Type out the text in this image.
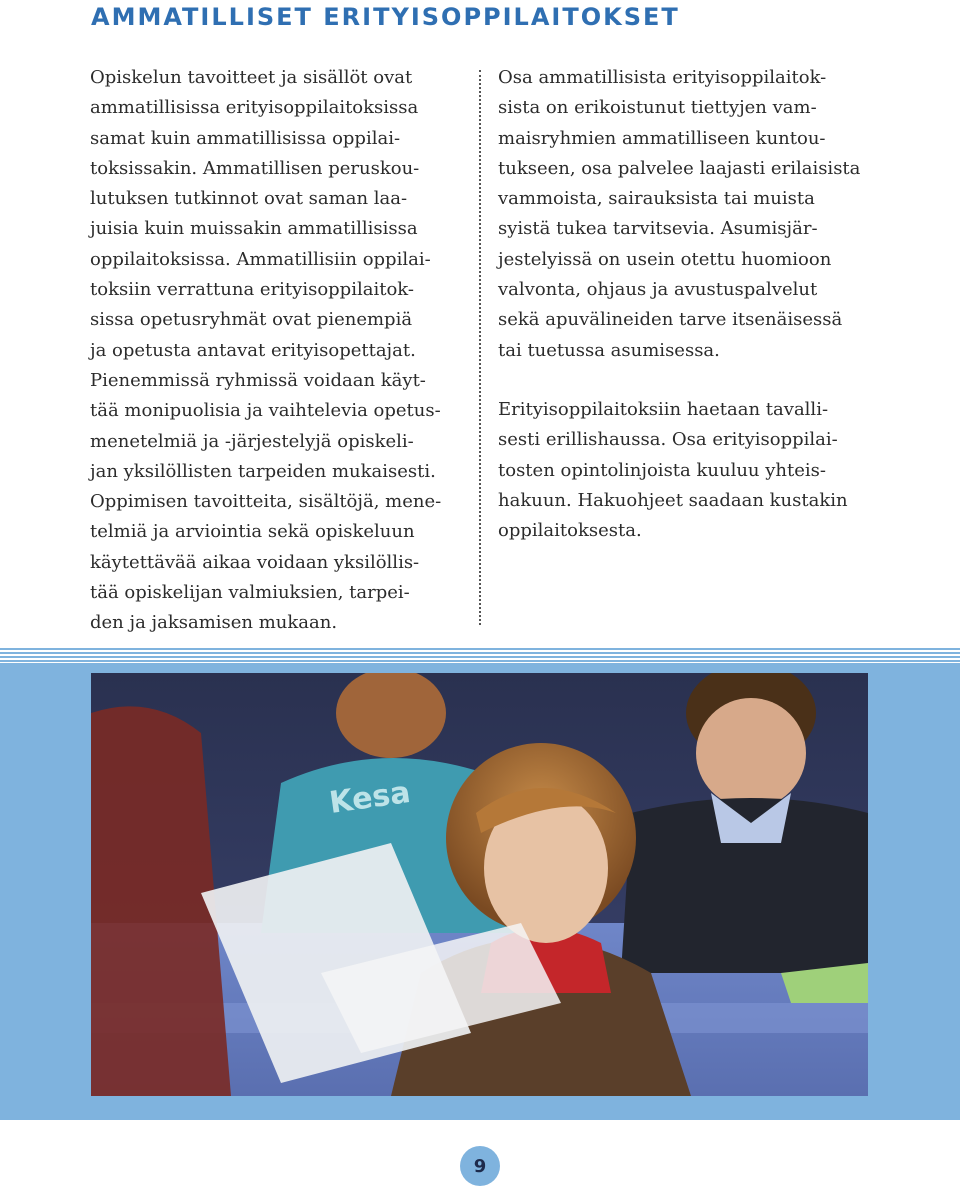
AMMATILLISET ERITYISOPPILAITOKSET

Opiskelun tavoitteet ja sisällöt ovat
ammatillisissa erityisoppilaitoksissa
samat kuin ammatillisissa oppilai-
toksissakin. Ammatillisen peruskou-
lutuksen tutkinnot ovat saman laa-
juisia kuin muissakin ammatillisissa
oppilaitoksissa. Ammatillisiin oppilai-
toksiin verrattuna erityisoppilaitok-
sissa opetusryhmät ovat pienempiä
ja opetusta antavat erityisopettajat.
Pienemmissä ryhmissä voidaan käyt-
tää monipuolisia ja vaihtelevia opetus-
menetelmiä ja -järjestelyjä opiskeli-
jan yksilöllisten tarpeiden mukaisesti.
Oppimisen tavoitteita, sisältöjä, mene-
telmiä ja arviointia sekä opiskeluun
käytettävää aikaa voidaan yksilöllis-
tää opiskelijan valmiuksien, tarpei-
den ja jaksamisen mukaan.

Osa ammatillisista erityisoppilaitok-
sista on erikoistunut tiettyjen vam-
maisryhmien ammatilliseen kuntou-
tukseen, osa palvelee laajasti erilaisista
vammoista, sairauksista tai muista
syistä tukea tarvitsevia. Asumisjär-
jestelyissä on usein otettu huomioon
valvonta, ohjaus ja avustuspalvelut
sekä apuvälineiden tarve itsenäisessä
tai tuetussa asumisessa.

Erityisoppilaitoksiin haetaan tavalli-
sesti erillishaussa. Osa erityisoppilai-
tosten opintolinjoista kuuluu yhteis-
hakuun. Hakuohjeet saadaan kustakin
oppilaitoksesta.

Kesa
9
